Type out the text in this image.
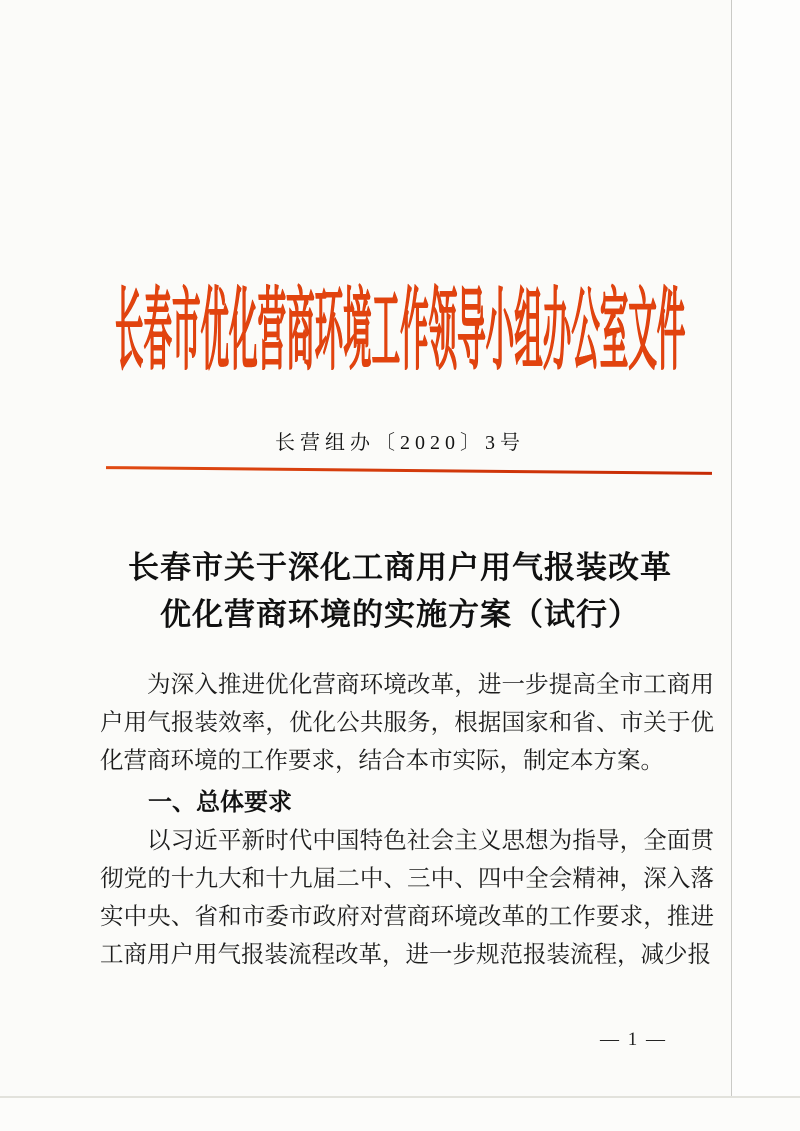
长春市优化营商环境工作领导小组办公室文件
长营组办〔2020〕3号
长春市关于深化工商用户用气报装改革
优化营商环境的实施方案（试行）

为深入推进优化营商环境改革，进一步提高全市工商用户用气报装效率，优化公共服务，根据国家和省、市关于优化营商环境的工作要求，结合本市实际，制定本方案。

一、总体要求

以习近平新时代中国特色社会主义思想为指导，全面贯彻党的十九大和十九届二中、三中、四中全会精神，深入落实中央、省和市委市政府对营商环境改革的工作要求，推进工商用户用气报装流程改革，进一步规范报装流程，减少报

— 1 —
